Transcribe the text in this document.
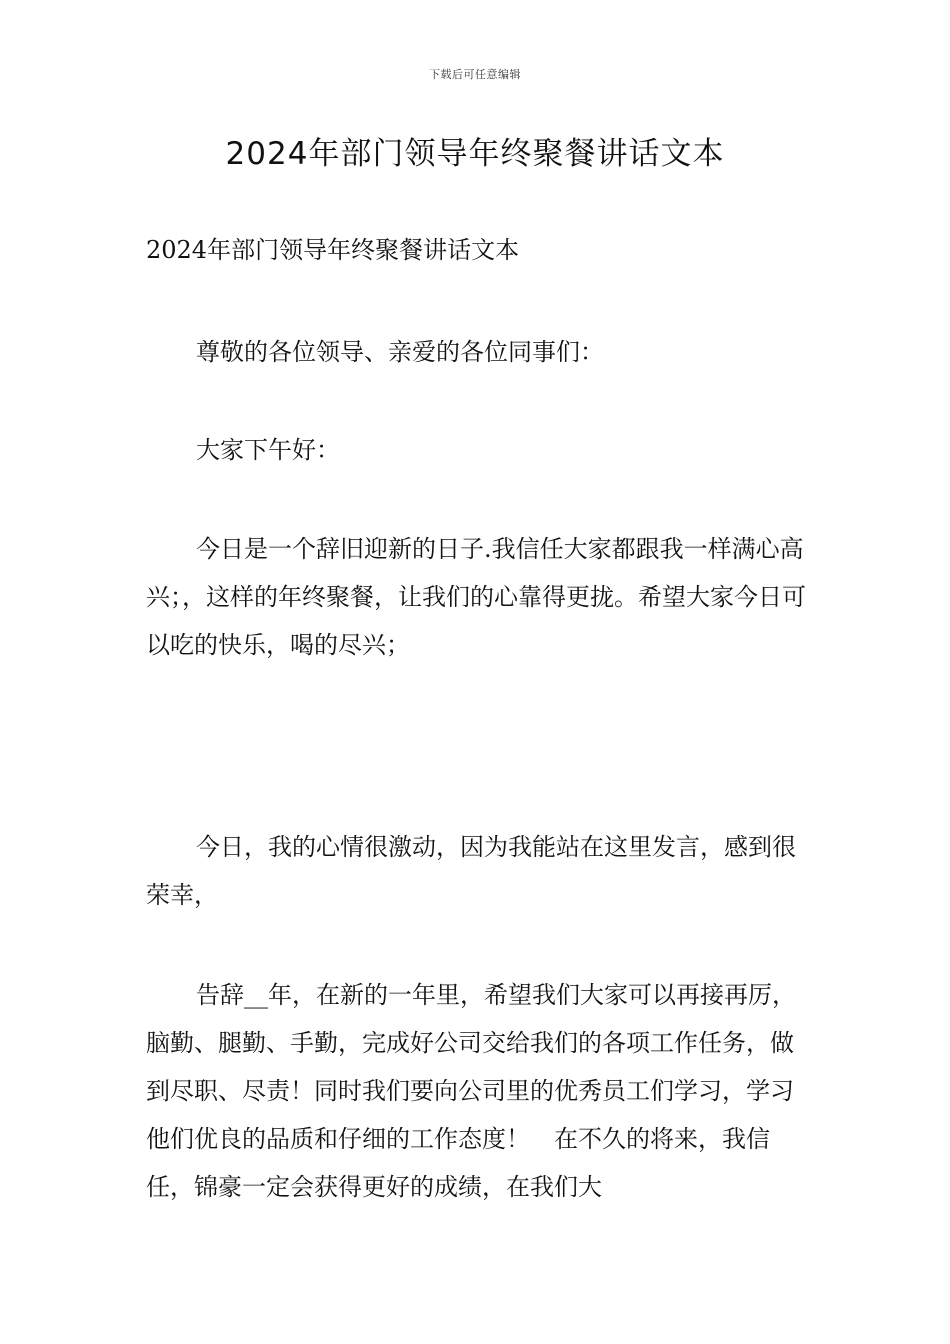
下载后可任意编辑
2024年部门领导年终聚餐讲话文本

2024年部门领导年终聚餐讲话文本

尊敬的各位领导、亲爱的各位同事们：

大家下午好：

今日是一个辞旧迎新的日子.我信任大家都跟我一样满心高兴；，这样的年终聚餐，让我们的心靠得更拢。希望大家今日可以吃的快乐，喝的尽兴；

今日，我的心情很激动，因为我能站在这里发言，感到很荣幸，

告辞__年，在新的一年里，希望我们大家可以再接再厉，脑勤、腿勤、手勤，完成好公司交给我们的各项工作任务，做到尽职、尽责！同时我们要向公司里的优秀员工们学习，学习他们优良的品质和仔细的工作态度！　在不久的将来，我信任，锦豪一定会获得更好的成绩，在我们大
